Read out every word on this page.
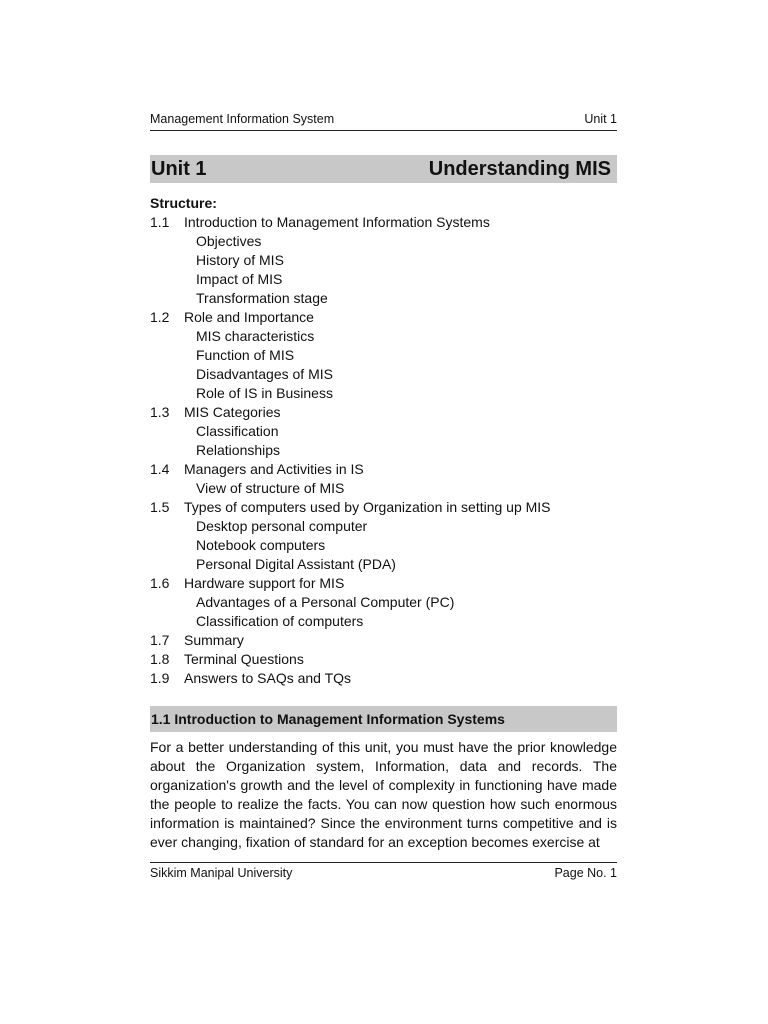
Management Information System	Unit 1
Unit 1	Understanding MIS
Structure:
1.1 Introduction to Management Information Systems
Objectives
History of MIS
Impact of MIS
Transformation stage
1.2 Role and Importance
MIS characteristics
Function of MIS
Disadvantages of MIS
Role of IS in Business
1.3 MIS Categories
Classification
Relationships
1.4 Managers and Activities in IS
View of structure of MIS
1.5 Types of computers used by Organization in setting up MIS
Desktop personal computer
Notebook computers
Personal Digital Assistant (PDA)
1.6 Hardware support for MIS
Advantages of a Personal Computer (PC)
Classification of computers
1.7 Summary
1.8 Terminal Questions
1.9 Answers to SAQs and TQs
1.1 Introduction to Management Information Systems
For a better understanding of this unit, you must have the prior knowledge about the Organization system, Information, data and records. The organization's growth and the level of complexity in functioning have made the people to realize the facts. You can now question how such enormous information is maintained? Since the environment turns competitive and is ever changing, fixation of standard for an exception becomes exercise at
Sikkim Manipal University	Page No. 1
